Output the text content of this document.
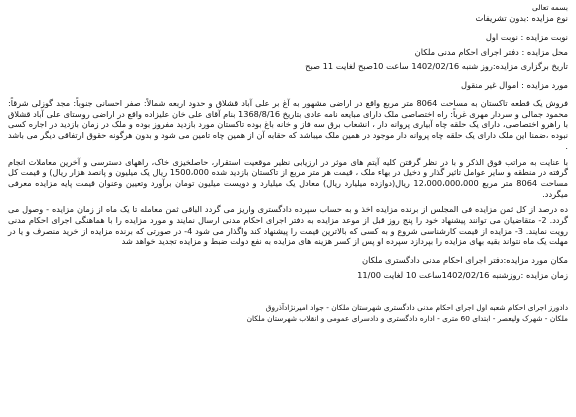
بسمه تعالی
نوع مزایده :بدون تشریفات
نوبت مزایده : نوبت اول
محل مزایده : دفتر اجرای احکام مدنی ملکان
تاریخ برگزاری مزایده:روز شنبه 1402/02/16 ساعت 10صبح لغایت 11 صبح
مورد مزایده : اموال غیر منقول
فروش یک قطعه تاکستان به مساحت 8064 متر مربع واقع در اراضی مشهور به آغ بر علی آباد قشلاق و حدود اربعه شمالاً: صفر احسانی جنوباً: مجد گوزلی شرقاً: محمود جمالی و سردار مهری غرباً: راه اختصاصی ملک دارای مبایعه نامه عادی بتاریخ 1368/8/16 بنام آقای علی خان علیزاده واقع در اراضی روستای علی آباد قشلاق با راهرو اختصاصی، دارای یک حلقه چاه آبیاری پروانه دار ، انشعاب برق سه فاز و خانه باغ بوده تاکستان مورد بازدید مفروز بوده و ملک در زمان بازدید در اجاره کسی نبوده ،ضمنا این ملک دارای یک حلقه چاه پروانه دار موجود در همین ملک میباشد که حقابه آن از همین چاه تامین می شود و بدون هرگونه حقوق ارتفاقی دیگر می باشد .
با عنایت به مراتب فوق الذکر و با در نظر گرفتن کلیه آیتم های موثر در ارزیابی نظیر موقعیت استقرار، حاصلخیزی خاک، راههای دسترسی و آخرین معاملات انجام گرفته در منطقه و سایر عوامل تاثیر گذار و دخیل در بهاء ملک ، قیمت هر متر مربع از تاکستان بازدید شده 1500،000 ریال یک میلیون و پانصد هزار ریال) و قیمت کل مساحت 8064 متر مربع 12،000،000،000 ریال(دوازده میلیارد ریال) معادل یک میلیارد و دویست میلیون تومان برآورد وتعیین وعنوان قیمت پایه مزایده معرفی میگردد.
ده درصد از کل ثمن مزایده فی المجلس از برنده مزایده اخذ و به حساب سپرده دادگستری واریز می گردد الباقی ثمن معامله تا یک ماه از زمان مزایده - وصول می گردد. 2- متقاضیان می توانند پیشنهاد خود را پنج روز قبل از موعد مزایده به دفتر اجرای احکام مدنی ارسال نمایند و مورد مزایده را با هماهنگی اجرای احکام مدنی رویت نمایند. 3- مزایده از قیمت کارشناسی شروع و به کسی که بالاترین قیمت را پیشنهاد کند واگذار می شود 4- در صورتی که برنده مزایده از خرید منصرف و یا در مهلت یک ماه نتواند بقیه بهای مزایده را بپردازد سپرده او پس از کسر هزینه های مزایده به نفع دولت ضبط و مزایده تجدید خواهد شد
مکان مورد مزایده:دفتر اجرای احکام مدنی دادگستری ملکان
زمان مزایده :روزشنبه 1402/02/16ساعت 10 لغایت 11/00
دادورز اجرای احکام شعبه اول اجرای احکام مدنی دادگستری شهرستان ملکان - جواد امیرنژادآذروق
ملکان - شهرک ولیعصر - ابتدای 60 متری - اداره دادگستری و دادسرای عمومی و انقلاب شهرستان ملکان
